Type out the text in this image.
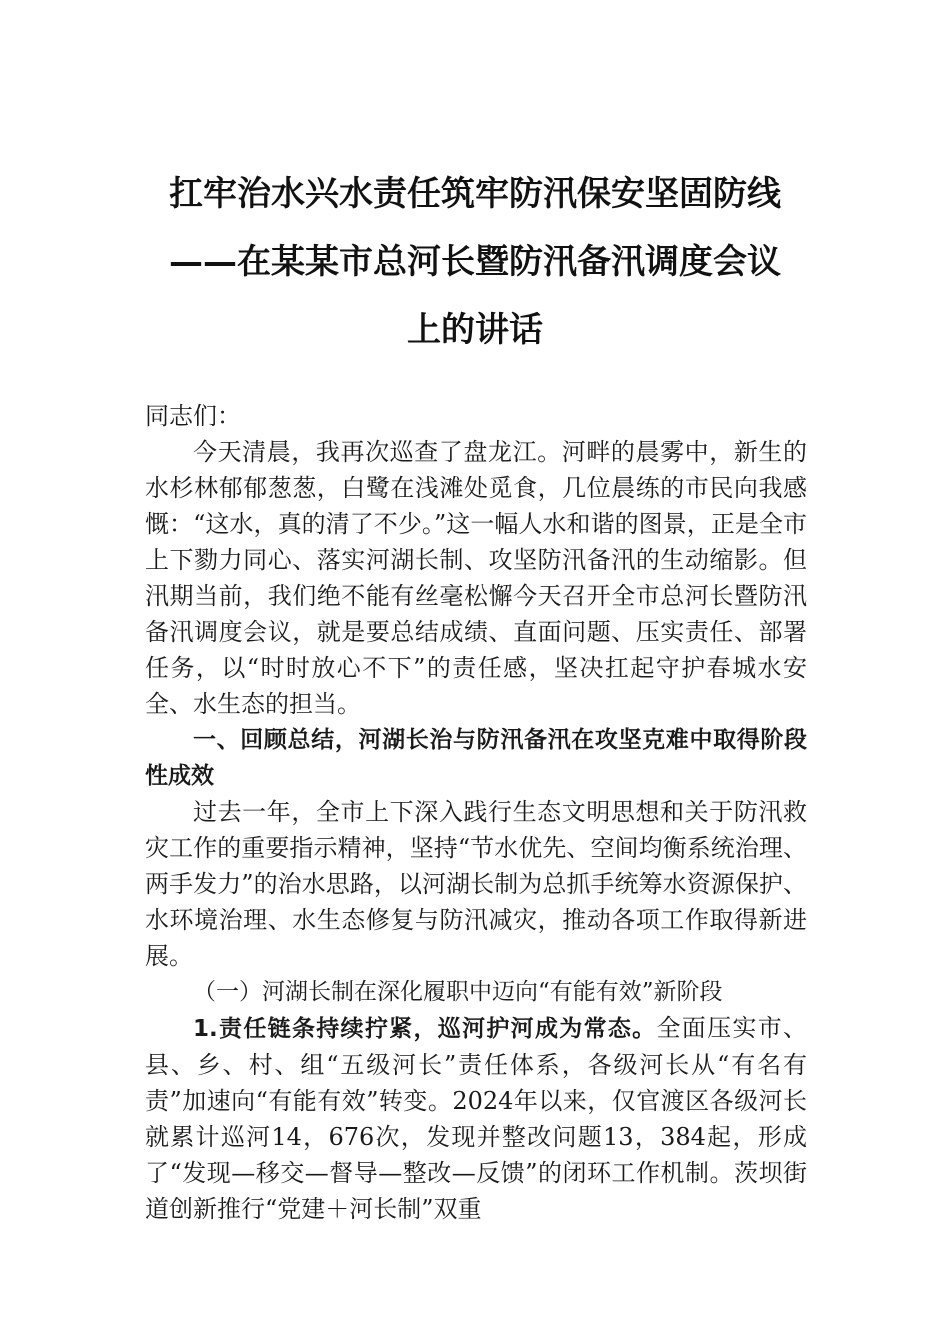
扛牢治水兴水责任筑牢防汛保安坚固防线
——在某某市总河长暨防汛备汛调度会议
上的讲话

同志们：

今天清晨，我再次巡查了盘龙江。河畔的晨雾中，新生的水杉林郁郁葱葱，白鹭在浅滩处觅食，几位晨练的市民向我感慨：“这水，真的清了不少。”这一幅人水和谐的图景，正是全市上下勠力同心、落实河湖长制、攻坚防汛备汛的生动缩影。但汛期当前，我们绝不能有丝毫松懈今天召开全市总河长暨防汛备汛调度会议，就是要总结成绩、直面问题、压实责任、部署任务，以“时时放心不下”的责任感，坚决扛起守护春城水安全、水生态的担当。

一、回顾总结，河湖长治与防汛备汛在攻坚克难中取得阶段性成效

过去一年，全市上下深入践行生态文明思想和关于防汛救灾工作的重要指示精神，坚持“节水优先、空间均衡系统治理、两手发力”的治水思路，以河湖长制为总抓手统筹水资源保护、水环境治理、水生态修复与防汛减灾，推动各项工作取得新进展。

（一）河湖长制在深化履职中迈向“有能有效”新阶段

1.责任链条持续拧紧，巡河护河成为常态。全面压实市、县、乡、村、组“五级河长”责任体系，各级河长从“有名有责”加速向“有能有效”转变。2024年以来，仅官渡区各级河长就累计巡河14，676次，发现并整改问题13，384起，形成了“发现—移交—督导—整改—反馈”的闭环工作机制。茨坝街道创新推行“党建＋河长制”双重
